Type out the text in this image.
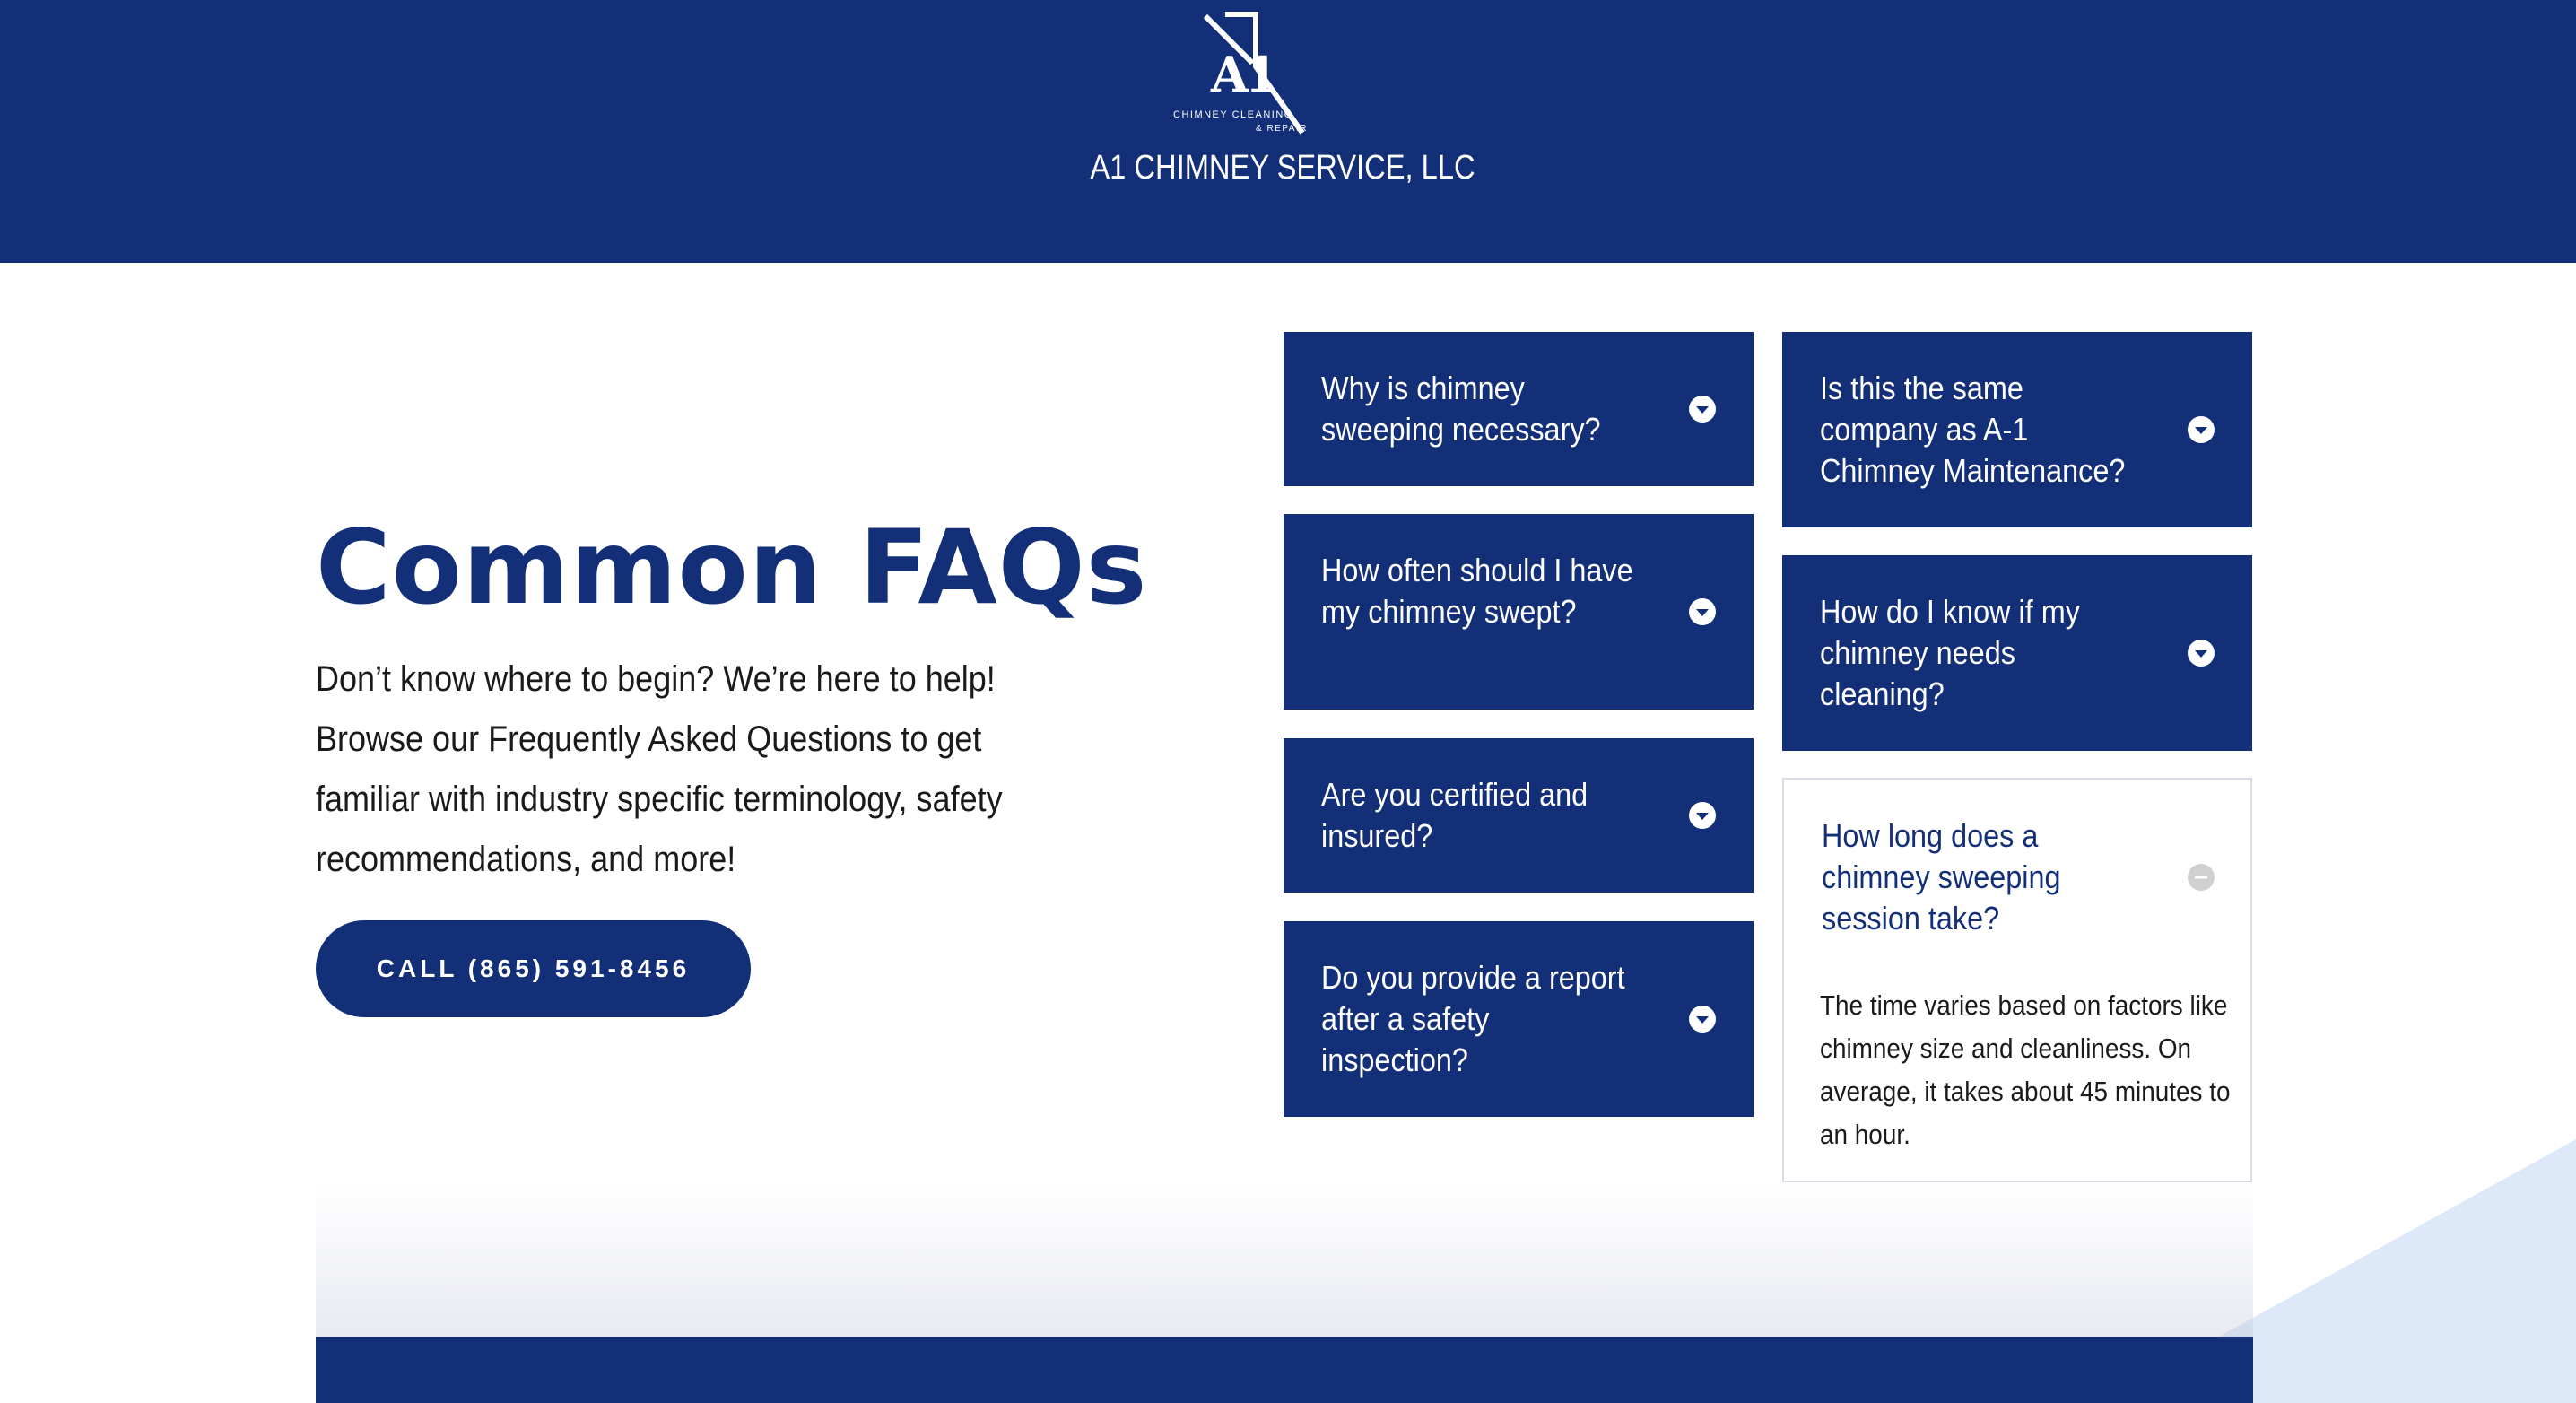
A1
CHIMNEY CLEANING
& REPAIR
A1 CHIMNEY SERVICE, LLC
Common FAQs

Don’t know where to begin? We’re here to help! Browse our Frequently Asked Questions to get familiar with industry specific terminology, safety recommendations, and more!

CALL (865) 591-8456
Why is chimney sweeping necessary?
How often should I have my chimney swept?
Are you certified and insured?
Do you provide a report after a safety inspection?
Is this the same company as A-1 Chimney Maintenance?
How do I know if my chimney needs cleaning?
How long does a chimney sweeping session take?
The time varies based on factors like chimney size and cleanliness. On average, it takes about 45 minutes to an hour.
